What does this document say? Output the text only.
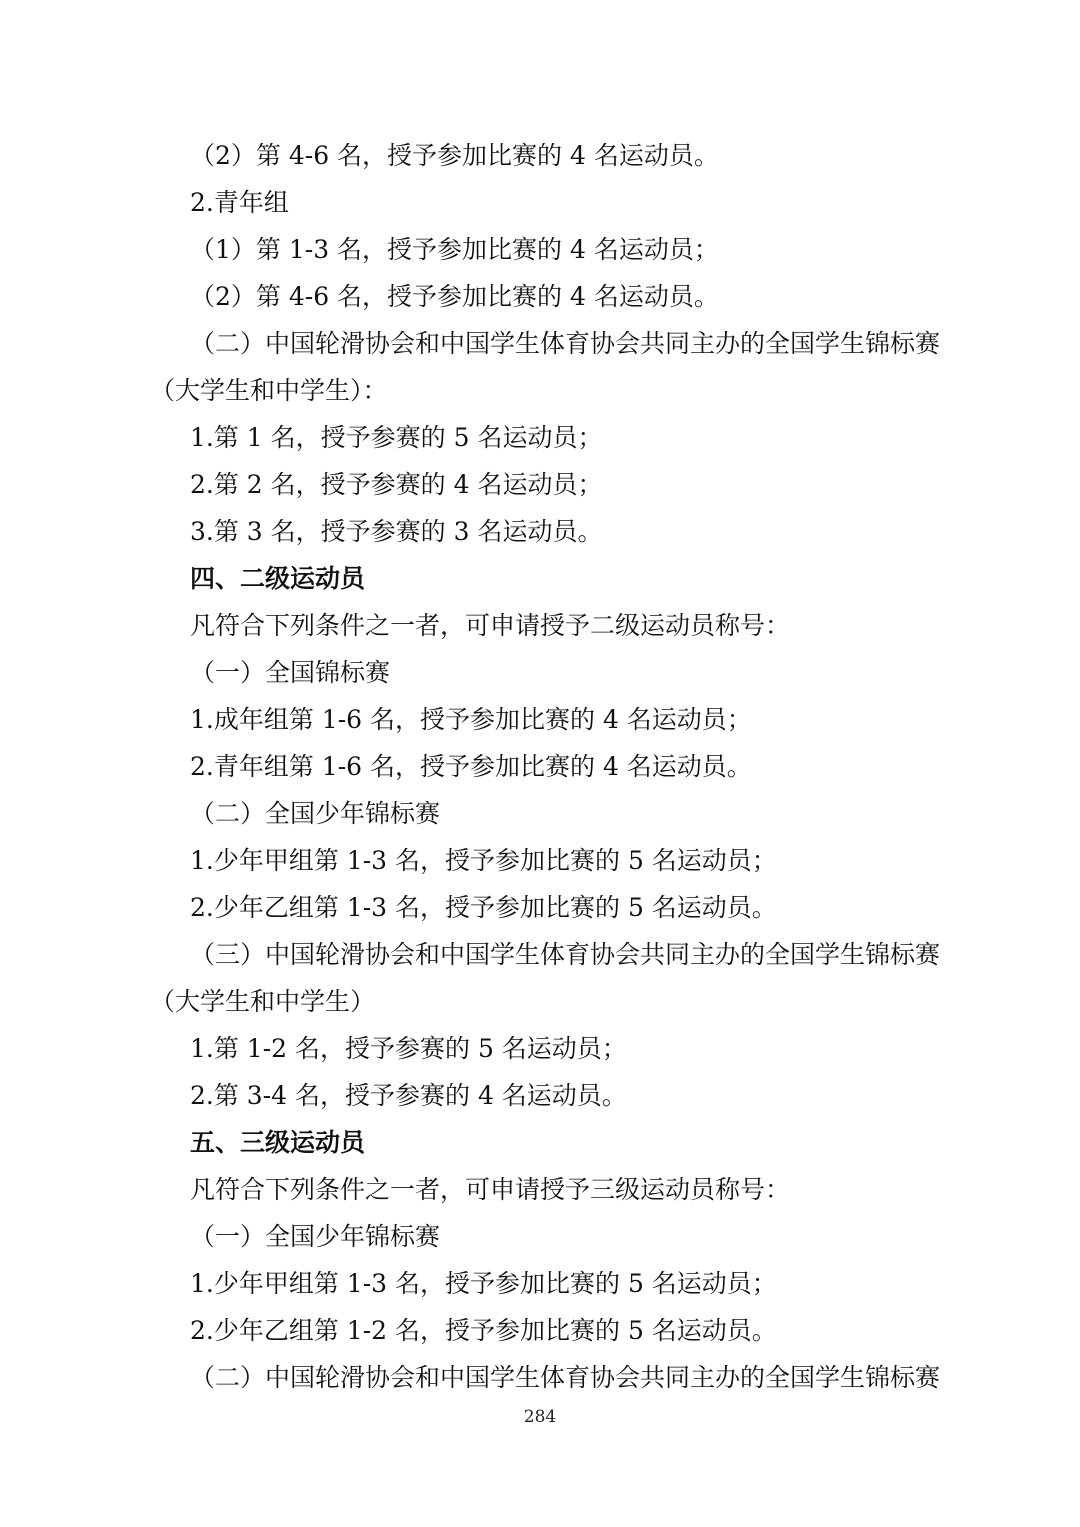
（2）第 4-6 名，授予参加比赛的 4 名运动员。
2.青年组
（1）第 1-3 名，授予参加比赛的 4 名运动员；
（2）第 4-6 名，授予参加比赛的 4 名运动员。
（二）中国轮滑协会和中国学生体育协会共同主办的全国学生锦标赛
（大学生和中学生）：
1.第 1 名，授予参赛的 5 名运动员；
2.第 2 名，授予参赛的 4 名运动员；
3.第 3 名，授予参赛的 3 名运动员。
四、二级运动员
凡符合下列条件之一者，可申请授予二级运动员称号：
（一）全国锦标赛
1.成年组第 1-6 名，授予参加比赛的 4 名运动员；
2.青年组第 1-6 名，授予参加比赛的 4 名运动员。
（二）全国少年锦标赛
1.少年甲组第 1-3 名，授予参加比赛的 5 名运动员；
2.少年乙组第 1-3 名，授予参加比赛的 5 名运动员。
（三）中国轮滑协会和中国学生体育协会共同主办的全国学生锦标赛
（大学生和中学生）
1.第 1-2 名，授予参赛的 5 名运动员；
2.第 3-4 名，授予参赛的 4 名运动员。
五、三级运动员
凡符合下列条件之一者，可申请授予三级运动员称号：
（一）全国少年锦标赛
1.少年甲组第 1-3 名，授予参加比赛的 5 名运动员；
2.少年乙组第 1-2 名，授予参加比赛的 5 名运动员。
（二）中国轮滑协会和中国学生体育协会共同主办的全国学生锦标赛
284
